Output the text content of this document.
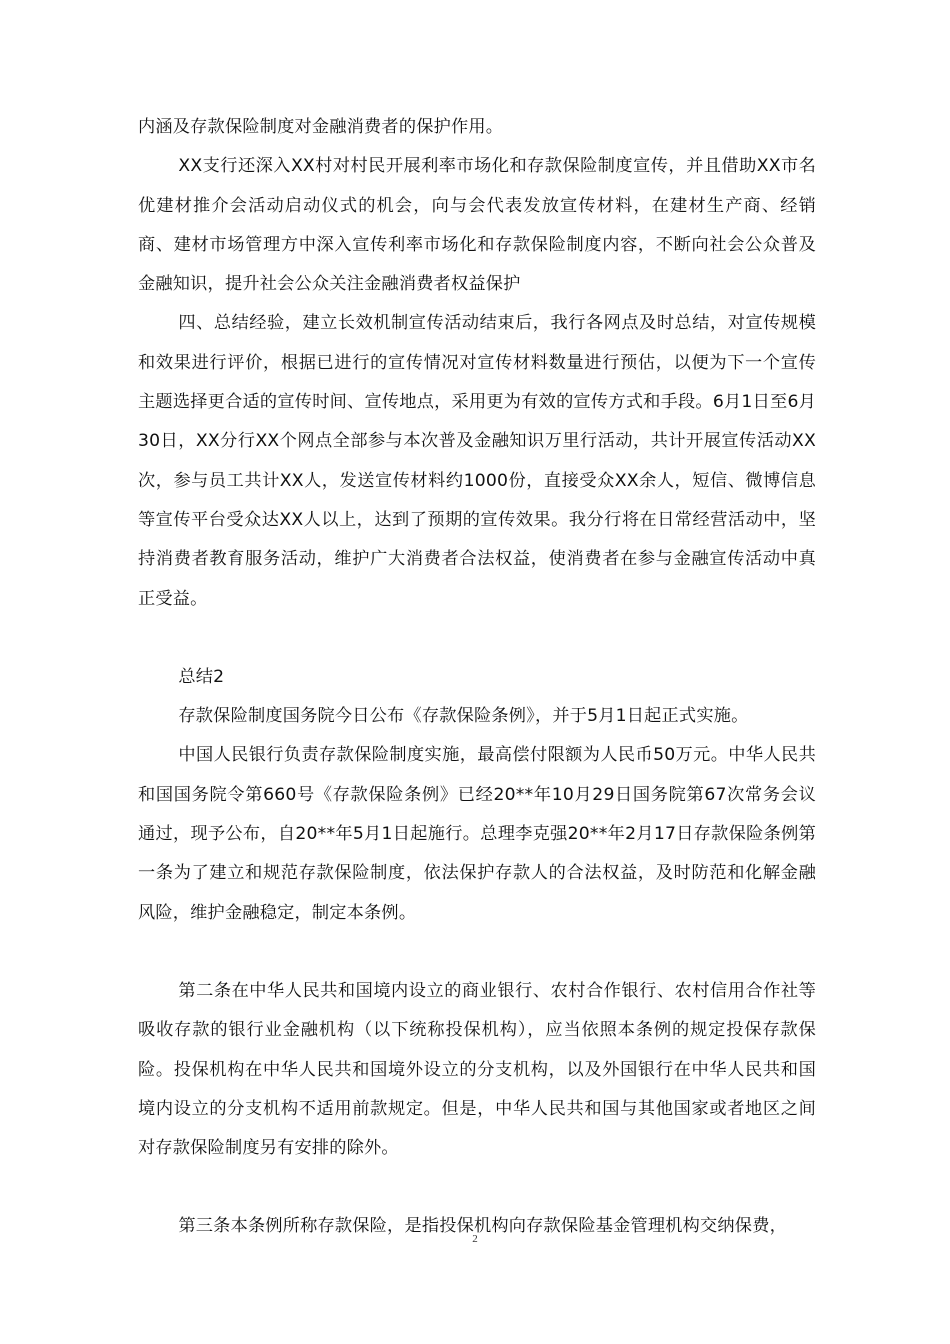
内涵及存款保险制度对金融消费者的保护作用。

XX支行还深入XX村对村民开展利率市场化和存款保险制度宣传，并且借助XX市名优建材推介会活动启动仪式的机会，向与会代表发放宣传材料，在建材生产商、经销商、建材市场管理方中深入宣传利率市场化和存款保险制度内容，不断向社会公众普及金融知识，提升社会公众关注金融消费者权益保护

四、总结经验，建立长效机制宣传活动结束后，我行各网点及时总结，对宣传规模和效果进行评价，根据已进行的宣传情况对宣传材料数量进行预估，以便为下一个宣传主题选择更合适的宣传时间、宣传地点，采用更为有效的宣传方式和手段。6月1日至6月30日，XX分行XX个网点全部参与本次普及金融知识万里行活动，共计开展宣传活动XX次，参与员工共计XX人，发送宣传材料约1000份，直接受众XX余人，短信、微博信息等宣传平台受众达XX人以上，达到了预期的宣传效果。我分行将在日常经营活动中，坚持消费者教育服务活动，维护广大消费者合法权益，使消费者在参与金融宣传活动中真正受益。

总结2

存款保险制度国务院今日公布《存款保险条例》，并于5月1日起正式实施。

中国人民银行负责存款保险制度实施，最高偿付限额为人民币50万元。中华人民共和国国务院令第660号《存款保险条例》已经20**年10月29日国务院第67次常务会议通过，现予公布，自20**年5月1日起施行。总理李克强20**年2月17日存款保险条例第一条为了建立和规范存款保险制度，依法保护存款人的合法权益，及时防范和化解金融风险，维护金融稳定，制定本条例。

第二条在中华人民共和国境内设立的商业银行、农村合作银行、农村信用合作社等吸收存款的银行业金融机构（以下统称投保机构），应当依照本条例的规定投保存款保险。投保机构在中华人民共和国境外设立的分支机构，以及外国银行在中华人民共和国境内设立的分支机构不适用前款规定。但是，中华人民共和国与其他国家或者地区之间对存款保险制度另有安排的除外。

第三条本条例所称存款保险，是指投保机构向存款保险基金管理机构交纳保费，

2
